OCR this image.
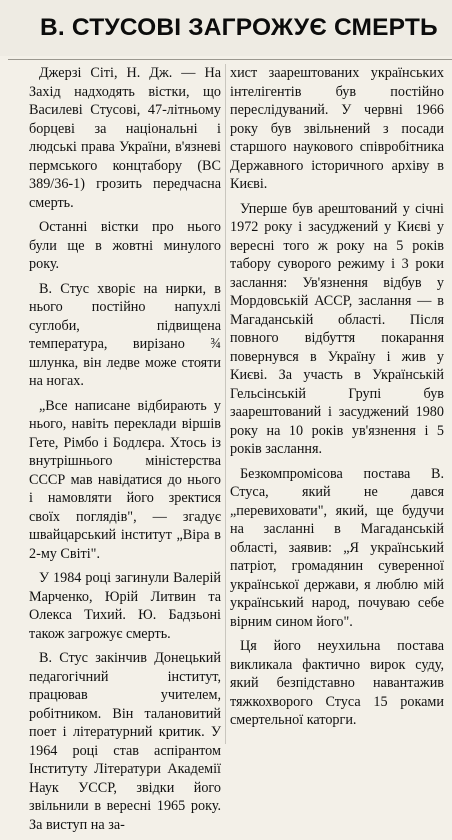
В. СТУСОВІ ЗАГРОЖУЄ СМЕРТЬ

Джерзі Сіті, Н. Дж. — На Захід надходять вістки, що Василеві Стусові, 47-літньому борцеві за національні і людські права України, в'язневі пермського концтабору (ВС 389/36-1) грозить передчасна смерть.

Останні вістки про нього були ще в жовтні минулого року.

В. Стус хворіє на нирки, в нього постійно напухлі суглоби, підвищена температура, вирізано ¾ шлунка, він ледве може стояти на ногах.

„Все написане відбирають у нього, навіть переклади віршів Гете, Рімбо і Бодлєра. Хтось із внутрішнього міністерства СССР мав навідатися до нього і намовляти його зректися своїх поглядів", — згадує швайцарський інститут „Віра в 2-му Світі".

У 1984 році загинули Валерій Марченко, Юрій Литвин та Олекса Тихий. Ю. Бадзьоні також загрожує смерть.

В. Стус закінчив Донецький педагогічний інститут, працював учителем, робітником. Він талановитий поет і літературний критик. У 1964 році став аспірантом Інституту Літератури Академії Наук УССР, звідки його звільнили в вересні 1965 року. За виступ на за-

хист заарештованих українських інтелігентів був постійно переслідуваний. У червні 1966 року був звільнений з посади старшого наукового співробітника Державного історичного архіву в Києві.

Уперше був арештований у січні 1972 року і засуджений у Києві у вересні того ж року на 5 років табору суворого режиму і 3 роки заслання: Ув'язнення відбув у Мордовській АССР, заслання — в Магаданській області. Після повного відбуття покарання повернувся в Україну і жив у Києві. За участь в Українській Гельсінській Групі був заарештований і засуджений 1980 року на 10 років ув'язнення і 5 років заслання.

Безкомпромісова постава В. Стуса, який не дався „перевиховати", який, ще будучи на засланні в Магаданській області, заявив: „Я український патріот, громадянин суверенної української держави, я люблю мій український народ, почуваю себе вірним сином його".

Ця його неухильна постава викликала фактично вирок суду, який безпідставно навантажив тяжкохворого Стуса 15 роками смертельної каторги.
